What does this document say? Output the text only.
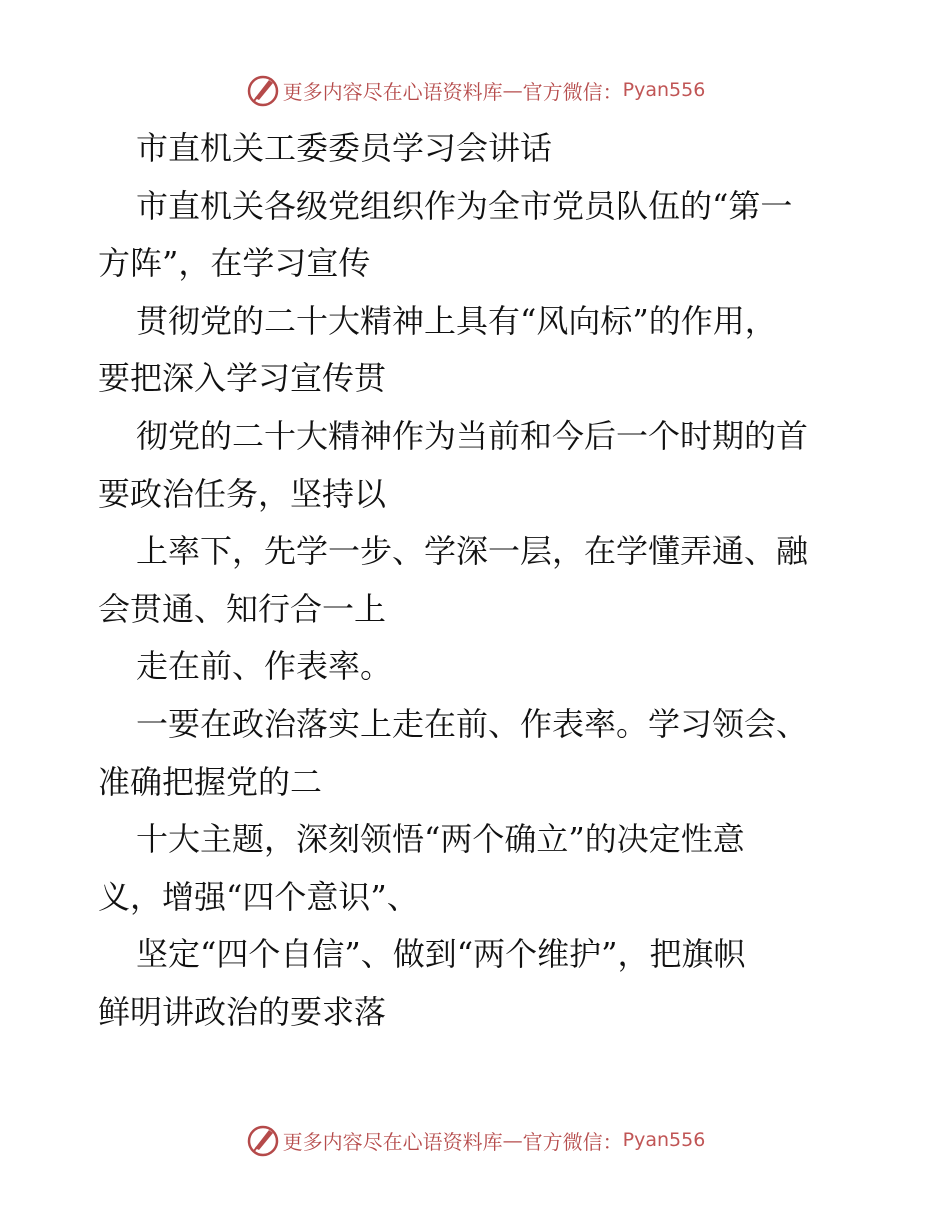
更多内容尽在心语资料库 — 官方微信： Pyan556
市直机关工委委员学习会讲话
市直机关各级党组织作为全市党员队伍的“第一
方阵”，在学习宣传
贯彻党的二十大精神上具有“风向标”的作用，
要把深入学习宣传贯
彻党的二十大精神作为当前和今后一个时期的首
要政治任务，坚持以
上率下，先学一步、学深一层，在学懂弄通、融
会贯通、知行合一上
走在前、作表率。
一要在政治落实上走在前、作表率。学习领会、
准确把握党的二
十大主题，深刻领悟“两个确立”的决定性意
义，增强“四个意识”、
坚定“四个自信”、做到“两个维护”，把旗帜
鲜明讲政治的要求落
更多内容尽在心语资料库 — 官方微信： Pyan556
